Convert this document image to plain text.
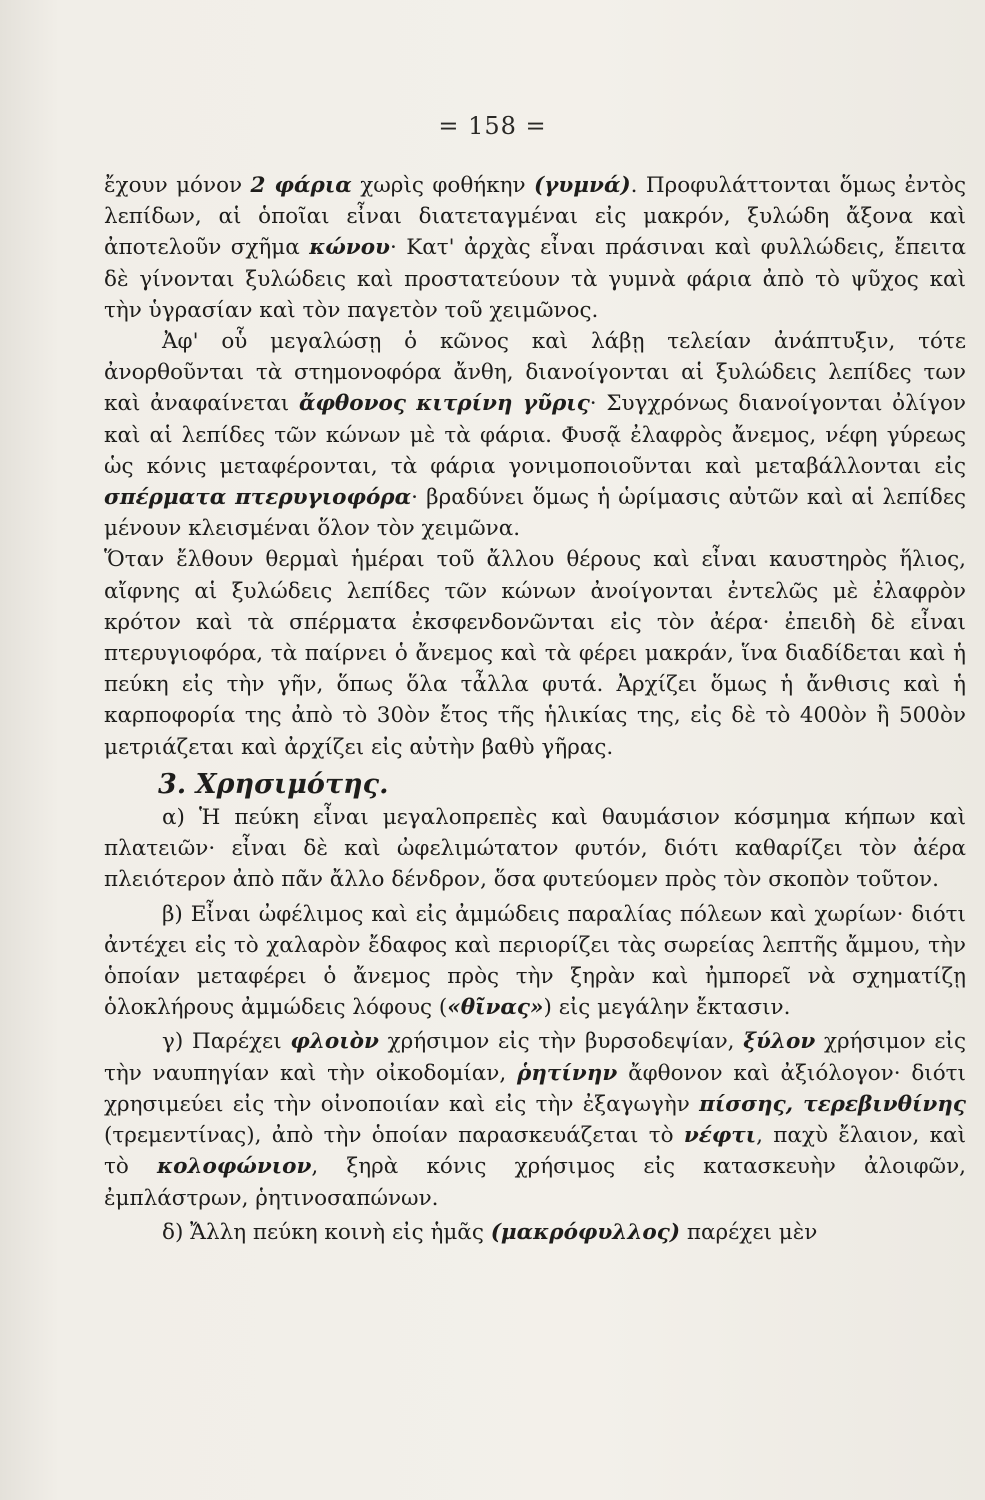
= 158 =

ἔχουν μόνον 2 φάρια χωρὶς φοθήκην (γυμνά). Προφυλάττονται ὅμως ἐντὸς λεπίδων, αἱ ὁποῖαι εἶναι διατεταγμέναι εἰς μακρόν, ξυλώδη ἄξονα καὶ ἀποτελοῦν σχῆμα κώνου· Κατ' ἀρχὰς εἶναι πράσιναι καὶ φυλλώδεις, ἔπειτα δὲ γίνονται ξυλώδεις καὶ προστατεύουν τὰ γυμνὰ φάρια ἀπὸ τὸ ψῦχος καὶ τὴν ὑγρασίαν καὶ τὸν παγετὸν τοῦ χειμῶνος.

Ἀφ' οὗ μεγαλώσῃ ὁ κῶνος καὶ λάβῃ τελείαν ἀνάπτυξιν, τότε ἀνορθοῦνται τὰ στημονοφόρα ἄνθη, διανοίγονται αἱ ξυλώδεις λεπίδες των καὶ ἀναφαίνεται ἄφθονος κιτρίνη γῦρις· Συγχρόνως διανοίγονται ὀλίγον καὶ αἱ λεπίδες τῶν κώνων μὲ τὰ φάρια. Φυσᾷ ἐλαφρὸς ἄνεμος, νέφη γύρεως ὡς κόνις μεταφέρονται, τὰ φάρια γονιμοποιοῦνται καὶ μεταβάλλονται εἰς σπέρματα πτερυγιοφόρα· βραδύνει ὅμως ἡ ὡρίμασις αὐτῶν καὶ αἱ λεπίδες μένουν κλεισμέναι ὅλον τὸν χειμῶνα.

Ὅταν ἔλθουν θερμαὶ ἡμέραι τοῦ ἄλλου θέρους καὶ εἶναι καυστηρὸς ἥλιος, αἴφνης αἱ ξυλώδεις λεπίδες τῶν κώνων ἀνοίγονται ἐντελῶς μὲ ἐλαφρὸν κρότον καὶ τὰ σπέρματα ἐκσφενδονῶνται εἰς τὸν ἀέρα· ἐπειδὴ δὲ εἶναι πτερυγιοφόρα, τὰ παίρνει ὁ ἄνεμος καὶ τὰ φέρει μακράν, ἵνα διαδίδεται καὶ ἡ πεύκη εἰς τὴν γῆν, ὅπως ὅλα τἆλλα φυτά. Ἀρχίζει ὅμως ἡ ἄνθισις καὶ ἡ καρποφορία της ἀπὸ τὸ 30ὸν ἔτος τῆς ἡλικίας της, εἰς δὲ τὸ 400ὸν ἢ 500ὸν μετριάζεται καὶ ἀρχίζει εἰς αὐτὴν βαθὺ γῆρας.

3. Χρησιμότης.

α) Ἡ πεύκη εἶναι μεγαλοπρεπὲς καὶ θαυμάσιον κόσμημα κήπων καὶ πλατειῶν· εἶναι δὲ καὶ ὠφελιμώτατον φυτόν, διότι καθαρίζει τὸν ἀέρα πλειότερον ἀπὸ πᾶν ἄλλο δένδρον, ὅσα φυτεύομεν πρὸς τὸν σκοπὸν τοῦτον.

β) Εἶναι ὠφέλιμος καὶ εἰς ἀμμώδεις παραλίας πόλεων καὶ χωρίων· διότι ἀντέχει εἰς τὸ χαλαρὸν ἔδαφος καὶ περιορίζει τὰς σωρείας λεπτῆς ἄμμου, τὴν ὁποίαν μεταφέρει ὁ ἄνεμος πρὸς τὴν ξηρὰν καὶ ἠμπορεῖ νὰ σχηματίζῃ ὁλοκλήρους ἀμμώδεις λόφους («θῖνας») εἰς μεγάλην ἔκτασιν.

γ) Παρέχει φλοιὸν χρήσιμον εἰς τὴν βυρσοδεψίαν, ξύλον χρήσιμον εἰς τὴν ναυπηγίαν καὶ τὴν οἰκοδομίαν, ῥητίνην ἄφθονον καὶ ἀξιόλογον· διότι χρησιμεύει εἰς τὴν οἰνοποιίαν καὶ εἰς τὴν ἐξαγωγὴν πίσσης, τερεβινθίνης (τρεμεντίνας), ἀπὸ τὴν ὁποίαν παρασκευάζεται τὸ νέφτι, παχὺ ἔλαιον, καὶ τὸ κολοφώνιον, ξηρὰ κόνις χρήσιμος εἰς κατασκευὴν ἀλοιφῶν, ἐμπλάστρων, ῥητινοσαπώνων.

δ) Ἄλλη πεύκη κοινὴ εἰς ἡμᾶς (μακρόφυλλος) παρέχει μὲν
